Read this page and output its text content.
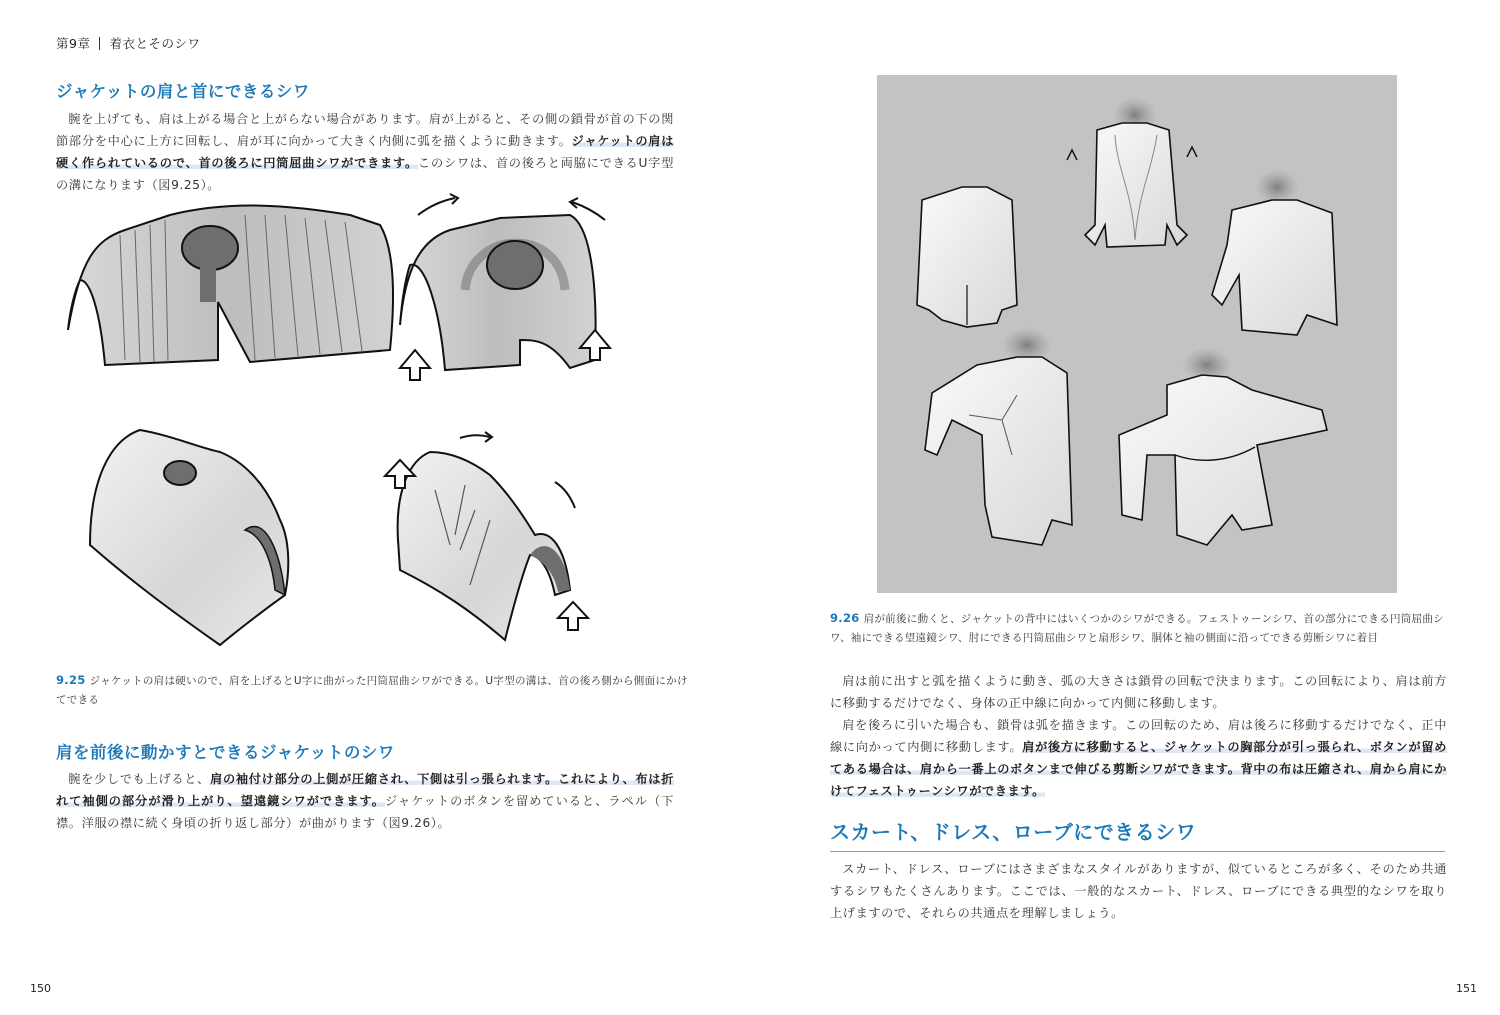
第9章 着衣とそのシワ
ジャケットの肩と首にできるシワ

腕を上げても、肩は上がる場合と上がらない場合があります。肩が上がると、その側の鎖骨が首の下の関節部分を中心に上方に回転し、肩が耳に向かって大きく内側に弧を描くように動きます。ジャケットの肩は硬く作られているので、首の後ろに円筒屈曲シワができます。このシワは、首の後ろと両脇にできるU字型の溝になります（図9.25）。

9.25 ジャケットの肩は硬いので、肩を上げるとU字に曲がった円筒屈曲シワができる。U字型の溝は、首の後ろ側から側面にかけてできる
肩を前後に動かすとできるジャケットのシワ

腕を少しでも上げると、肩の袖付け部分の上側が圧縮され、下側は引っ張られます。これにより、布は折れて袖側の部分が滑り上がり、望遠鏡シワができます。ジャケットのボタンを留めていると、ラペル（下襟。洋服の襟に続く身頃の折り返し部分）が曲がります（図9.26）。

150
9.26 肩が前後に動くと、ジャケットの背中にはいくつかのシワができる。フェストゥーンシワ、首の部分にできる円筒屈曲シワ、袖にできる望遠鏡シワ、肘にできる円筒屈曲シワと扇形シワ、胴体と袖の側面に沿ってできる剪断シワに着目

肩は前に出すと弧を描くように動き、弧の大きさは鎖骨の回転で決まります。この回転により、肩は前方に移動するだけでなく、身体の正中線に向かって内側に移動します。

肩を後ろに引いた場合も、鎖骨は弧を描きます。この回転のため、肩は後ろに移動するだけでなく、正中線に向かって内側に移動します。肩が後方に移動すると、ジャケットの胸部分が引っ張られ、ボタンが留めてある場合は、肩から一番上のボタンまで伸びる剪断シワができます。背中の布は圧縮され、肩から肩にかけてフェストゥーンシワができます。

スカート、ドレス、ローブにできるシワ

スカート、ドレス、ローブにはさまざまなスタイルがありますが、似ているところが多く、そのため共通するシワもたくさんあります。ここでは、一般的なスカート、ドレス、ローブにできる典型的なシワを取り上げますので、それらの共通点を理解しましょう。

151
